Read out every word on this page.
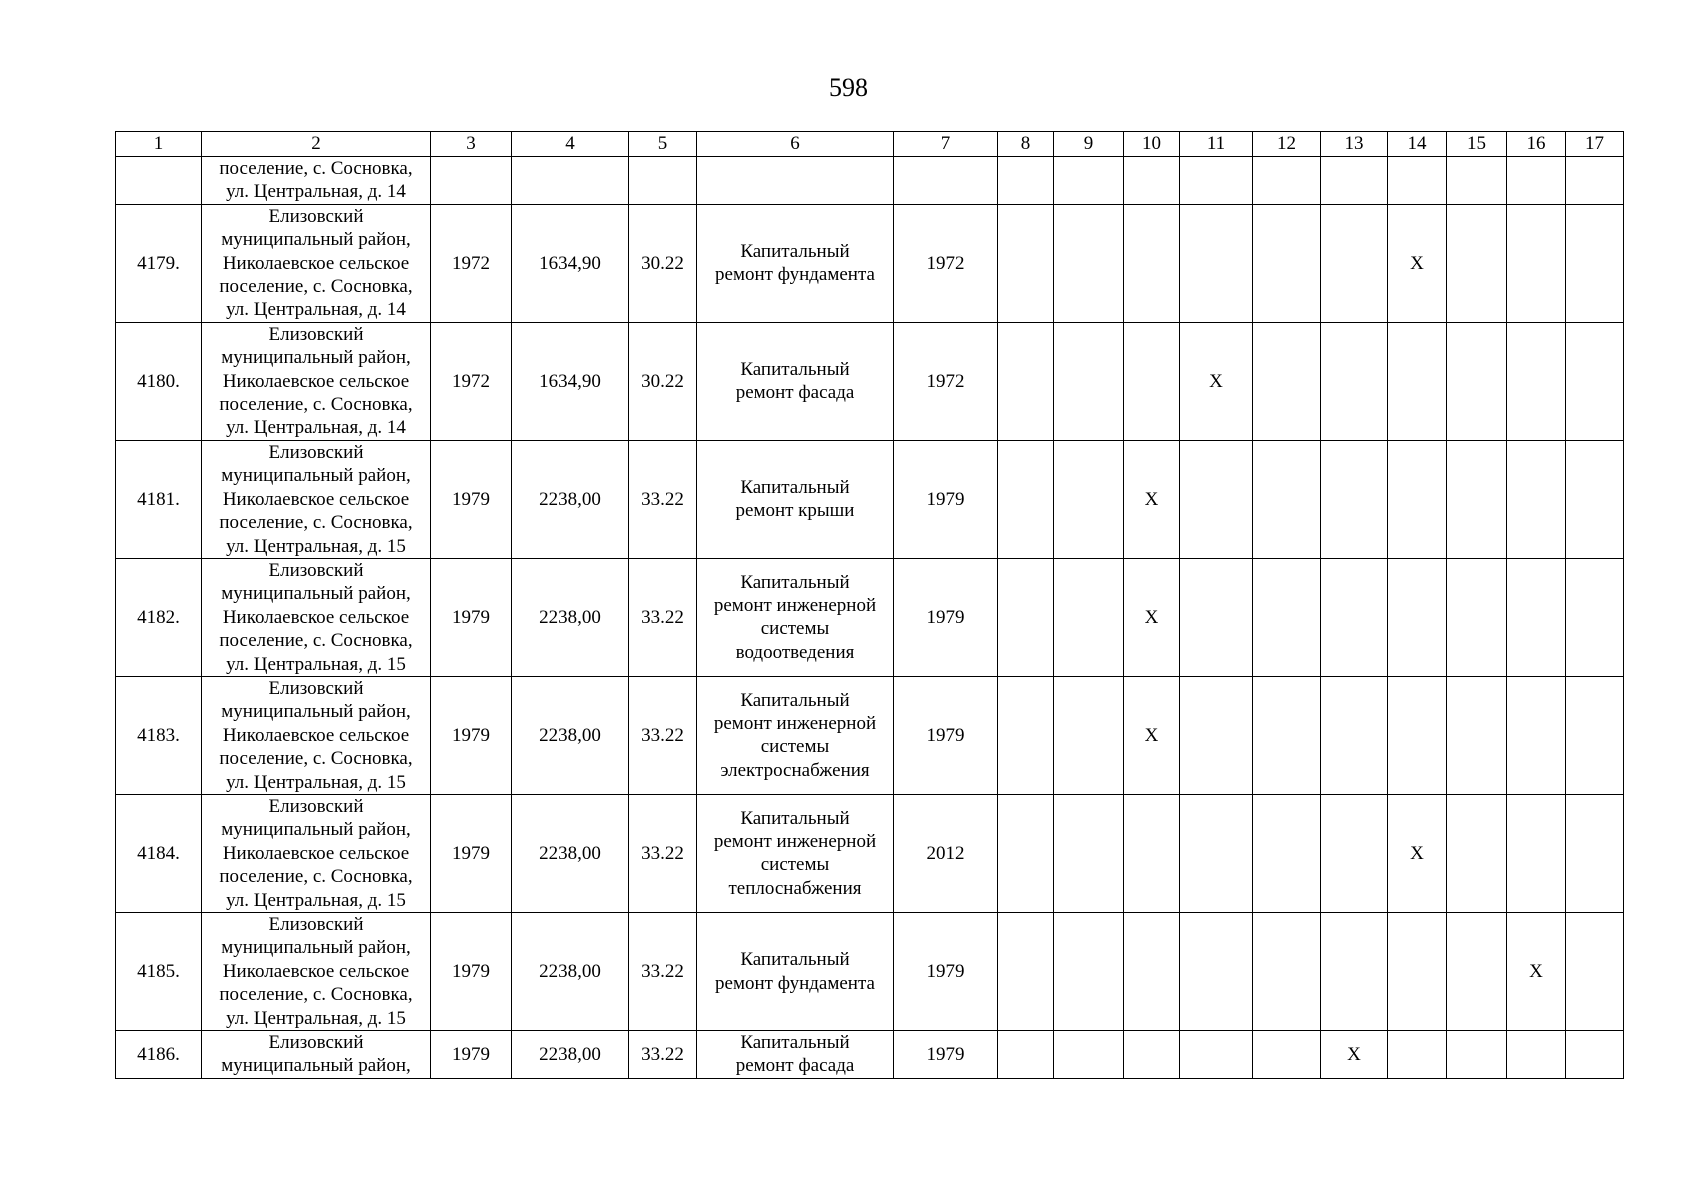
598
1	2	3	4	5	6	7	8	9	10	11	12	13	14	15	16	17
	поселение, с. Сосновка,
ул. Центральная, д. 14															
4179.	Елизовский
муниципальный район,
Николаевское сельское
поселение, с. Сосновка,
ул. Центральная, д. 14	1972	1634,90	30.22	Капитальный
ремонт фундамента	1972							X			
4180.	Елизовский
муниципальный район,
Николаевское сельское
поселение, с. Сосновка,
ул. Центральная, д. 14	1972	1634,90	30.22	Капитальный
ремонт фасада	1972				X						
4181.	Елизовский
муниципальный район,
Николаевское сельское
поселение, с. Сосновка,
ул. Центральная, д. 15	1979	2238,00	33.22	Капитальный
ремонт крыши	1979			X							
4182.	Елизовский
муниципальный район,
Николаевское сельское
поселение, с. Сосновка,
ул. Центральная, д. 15	1979	2238,00	33.22	Капитальный
ремонт инженерной
системы
водоотведения	1979			X							
4183.	Елизовский
муниципальный район,
Николаевское сельское
поселение, с. Сосновка,
ул. Центральная, д. 15	1979	2238,00	33.22	Капитальный
ремонт инженерной
системы
электроснабжения	1979			X							
4184.	Елизовский
муниципальный район,
Николаевское сельское
поселение, с. Сосновка,
ул. Центральная, д. 15	1979	2238,00	33.22	Капитальный
ремонт инженерной
системы
теплоснабжения	2012							X			
4185.	Елизовский
муниципальный район,
Николаевское сельское
поселение, с. Сосновка,
ул. Центральная, д. 15	1979	2238,00	33.22	Капитальный
ремонт фундамента	1979									X	
4186.	Елизовский
муниципальный район,	1979	2238,00	33.22	Капитальный
ремонт фасада	1979						X				
